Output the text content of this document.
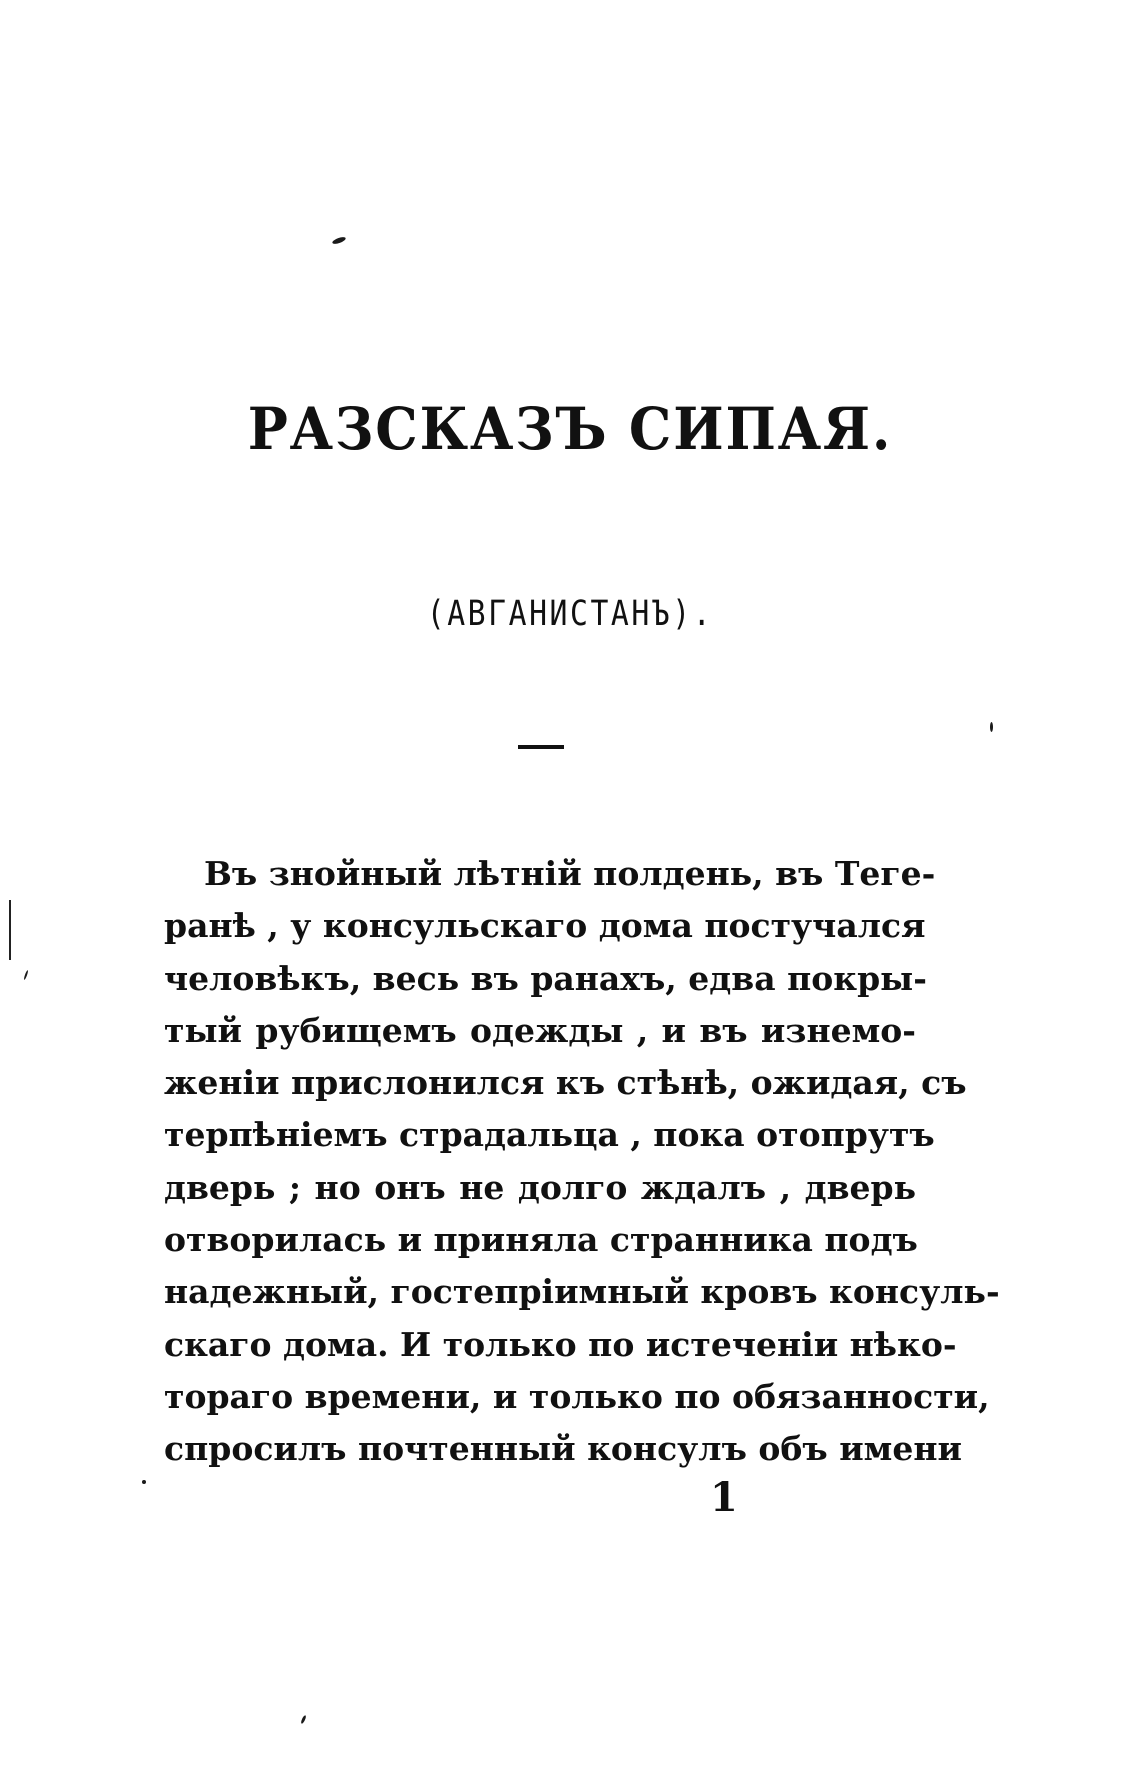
РАЗСКАЗЪ СИПАЯ.

(АВГАНИСТАНЪ).

Въ знойный лѣтній полдень, въ Тегe-
ранѣ , у консульскаго дома постучался
человѣкъ, весь въ ранахъ, едва покры-
тый рубищемъ одежды , и въ изнемо-
женіи прислонился къ стѣнѣ, ожидая, съ
терпѣніемъ страдальца , пока отопрутъ
дверь ; но онъ не долго ждалъ , дверь
отворилась и приняла странника подъ
надежный, гостепріимный кровъ консуль-
скаго дома. И только по истеченіи нѣко-
тораго времени, и только по обязанности,
спросилъ почтенный консулъ объ имени

1
